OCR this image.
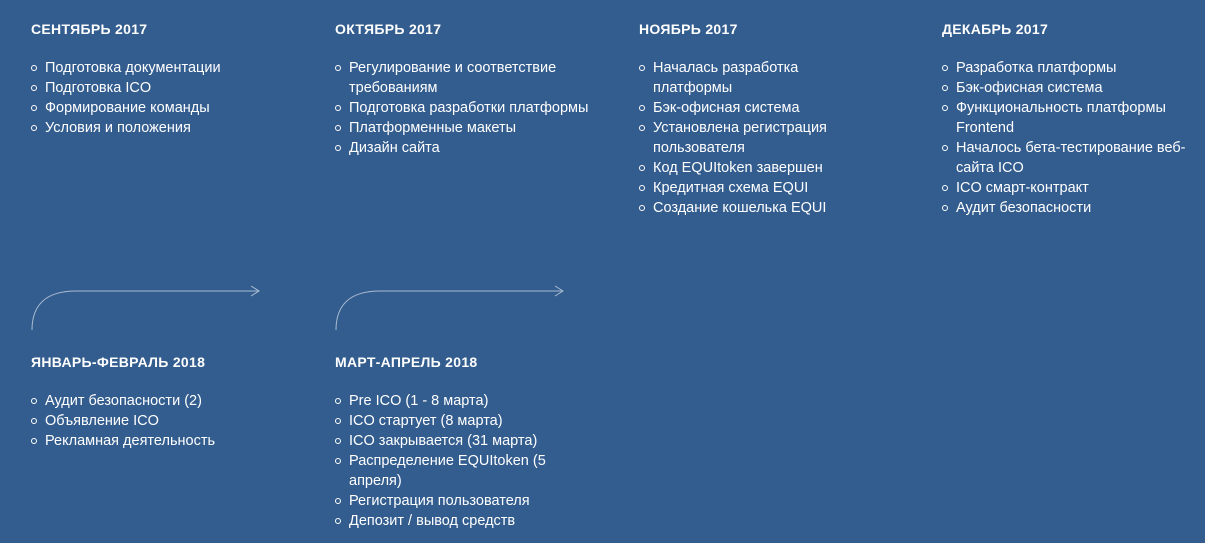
СЕНТЯБРЬ 2017
Подготовка документации
Подготовка ICO
Формирование команды
Условия и положения
ОКТЯБРЬ 2017
Регулирование и соответствие требованиям
Подготовка разработки платформы
Платформенные макеты
Дизайн сайта
НОЯБРЬ 2017
Началась разработка платформы
Бэк-офисная система
Установлена регистрация пользователя
Код EQUItoken завершен
Кредитная схема EQUI
Создание кошелька EQUI
ДЕКАБРЬ 2017
Разработка платформы
Бэк-офисная система
Функциональность платформы Frontend
Началось бета-тестирование веб-сайта ICO
ICO смарт-контракт
Аудит безопасности
ЯНВАРЬ-ФЕВРАЛЬ 2018
Аудит безопасности (2)
Объявление ICO
Рекламная деятельность
МАРТ-АПРЕЛЬ 2018
Pre ICO (1 - 8 марта)
ICO стартует (8 марта)
ICO закрывается (31 марта)
Распределение EQUItoken (5 апреля)
Регистрация пользователя
Депозит / вывод средств
